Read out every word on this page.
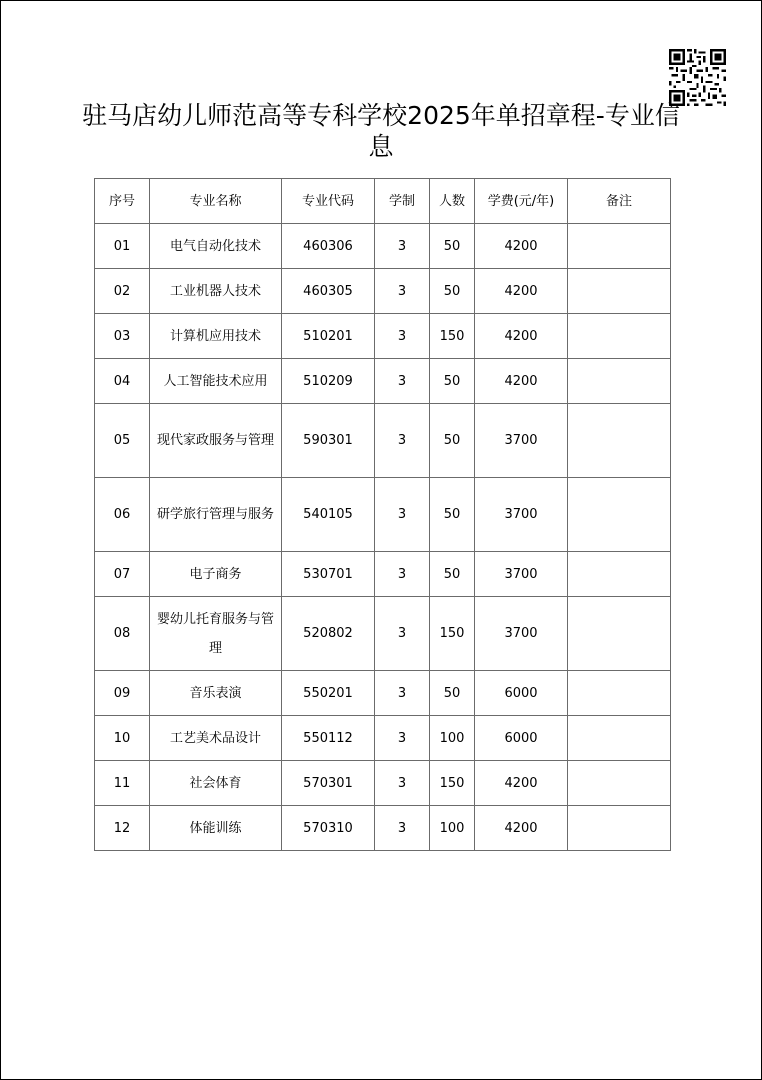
驻马店幼儿师范高等专科学校2025年单招章程-专业信息
序号	专业名称	专业代码	学制	人数	学费(元/年)	备注
01	电气自动化技术	460306	3	50	4200	
02	工业机器人技术	460305	3	50	4200	
03	计算机应用技术	510201	3	150	4200	
04	人工智能技术应用	510209	3	50	4200	
05	现代家政服务与管理	590301	3	50	3700	
06	研学旅行管理与服务	540105	3	50	3700	
07	电子商务	530701	3	50	3700	
08	婴幼儿托育服务与管理	520802	3	150	3700	
09	音乐表演	550201	3	50	6000	
10	工艺美术品设计	550112	3	100	6000	
11	社会体育	570301	3	150	4200	
12	体能训练	570310	3	100	4200	
